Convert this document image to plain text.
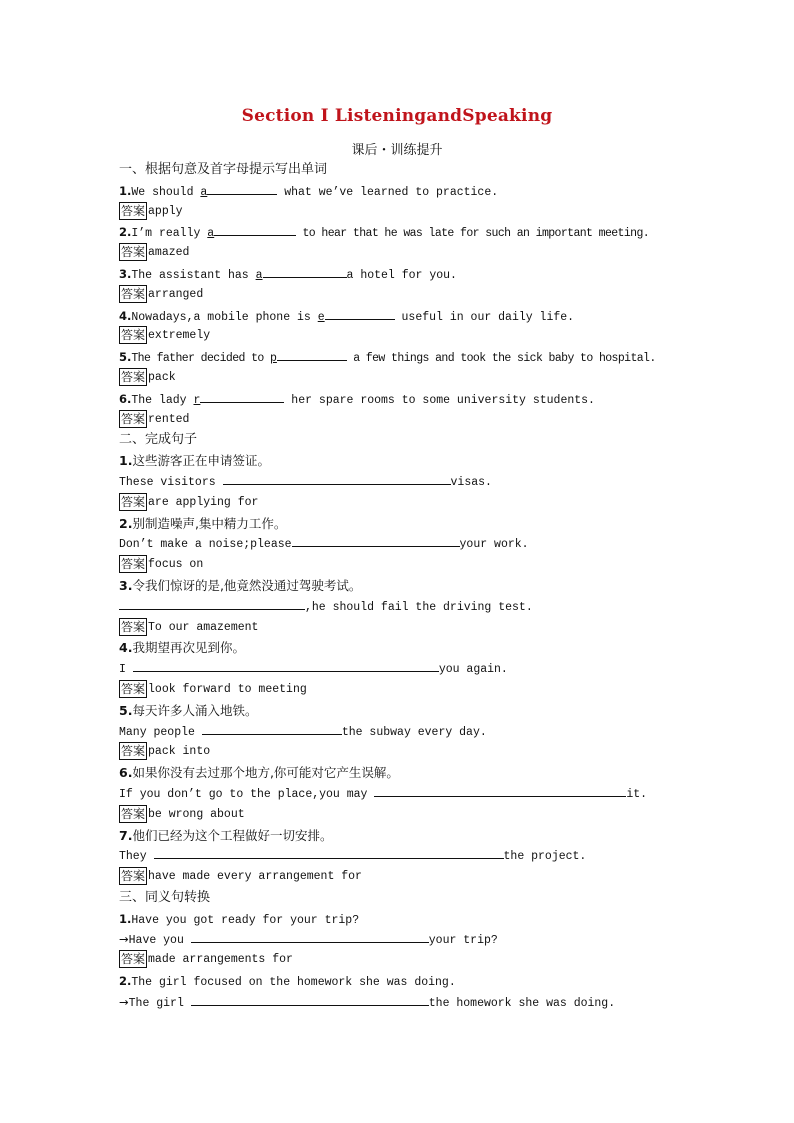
Section Ⅰ ListeningandSpeaking
课后・训练提升
一、根据句意及首字母提示写出单词
1.We should a	what we’ve learned to practice.
答案 apply
2.I’m really a	to hear that he was late for such an important meeting.
答案 amazed
3.The assistant has a	a hotel for you.
答案 arranged
4.Nowadays,a mobile phone is e	useful in our daily life.
答案 extremely
5.The father decided to p	a few things and took the sick baby to hospital.
答案 pack
6.The lady r	her spare rooms to some university students.
答案 rented
二、完成句子
1.这些游客正在申请签证。
These visitors	visas.
答案 are applying for
2.别制造噪声,集中精力工作。
Don’t make a noise;please	your work.
答案 focus on
3.令我们惊讶的是,他竟然没通过驾驶考试。
,he should fail the driving test.
答案 To our amazement
4.我期望再次见到你。
I	you again.
答案 look forward to meeting
5.每天许多人涌入地铁。
Many people	the subway every day.
答案 pack into
6.如果你没有去过那个地方,你可能对它产生误解。
If you don’t go to the place,you may	it.
答案 be wrong about
7.他们已经为这个工程做好一切安排。
They	the project.
答案 have made every arrangement for
三、同义句转换
1.Have you got ready for your trip?
→Have you	your trip?
答案 made arrangements for
2.The girl focused on the homework she was doing.
→The girl	the homework she was doing.
